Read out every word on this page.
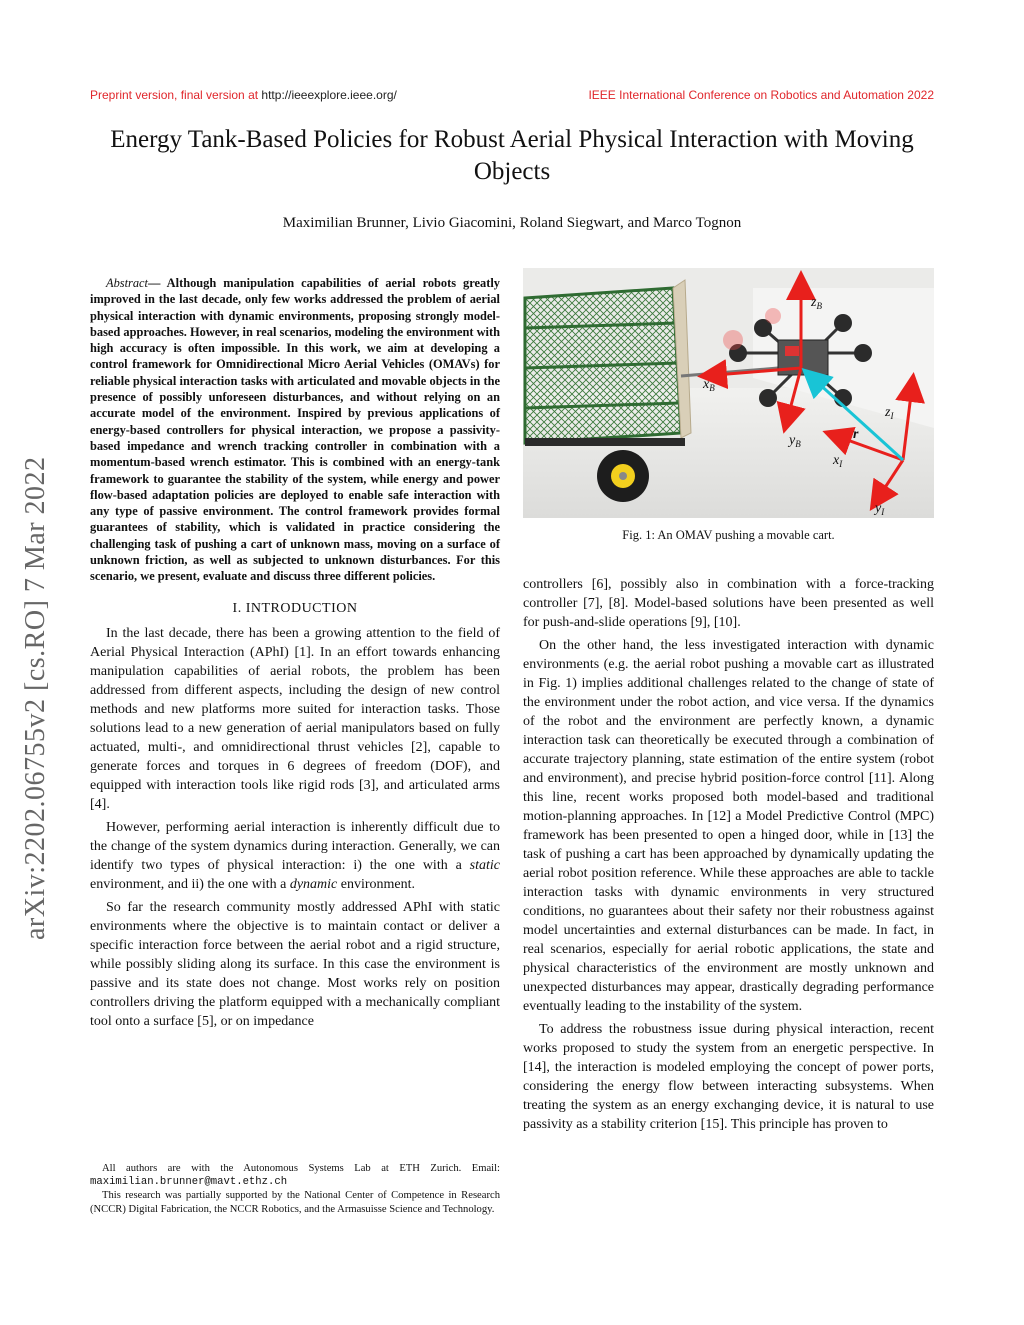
Preprint version, final version at http://ieeexplore.ieee.org/	IEEE International Conference on Robotics and Automation 2022
arXiv:2202.06755v2 [cs.RO] 7 Mar 2022
Energy Tank-Based Policies for Robust Aerial Physical Interaction with Moving Objects
Maximilian Brunner, Livio Giacomini, Roland Siegwart, and Marco Tognon
Abstract— Although manipulation capabilities of aerial robots greatly improved in the last decade, only few works addressed the problem of aerial physical interaction with dynamic environments, proposing strongly model-based approaches. However, in real scenarios, modeling the environment with high accuracy is often impossible. In this work, we aim at developing a control framework for Omnidirectional Micro Aerial Vehicles (OMAVs) for reliable physical interaction tasks with articulated and movable objects in the presence of possibly unforeseen disturbances, and without relying on an accurate model of the environment. Inspired by previous applications of energy-based controllers for physical interaction, we propose a passivity-based impedance and wrench tracking controller in combination with a momentum-based wrench estimator. This is combined with an energy-tank framework to guarantee the stability of the system, while energy and power flow-based adaptation policies are deployed to enable safe interaction with any type of passive environment. The control framework provides formal guarantees of stability, which is validated in practice considering the challenging task of pushing a cart of unknown mass, moving on a surface of unknown friction, as well as subjected to unknown disturbances. For this scenario, we present, evaluate and discuss three different policies.
I. INTRODUCTION

In the last decade, there has been a growing attention to the field of Aerial Physical Interaction (APhI) [1]. In an effort towards enhancing manipulation capabilities of aerial robots, the problem has been addressed from different aspects, including the design of new control methods and new platforms more suited for interaction tasks. Those solutions lead to a new generation of aerial manipulators based on fully actuated, multi-, and omnidirectional thrust vehicles [2], capable to generate forces and torques in 6 degrees of freedom (DOF), and equipped with interaction tools like rigid rods [3], and articulated arms [4].

However, performing aerial interaction is inherently difficult due to the change of the system dynamics during interaction. Generally, we can identify two types of physical interaction: i) the one with a static environment, and ii) the one with a dynamic environment.

So far the research community mostly addressed APhI with static environments where the objective is to maintain contact or deliver a specific interaction force between the aerial robot and a rigid structure, while possibly sliding along its surface. In this case the environment is passive and its state does not change. Most works rely on position controllers driving the platform equipped with a mechanically compliant tool onto a surface [5], or on impedance

All authors are with the Autonomous Systems Lab at ETH Zurich. Email: maximilian.brunner@mavt.ethz.ch

This research was partially supported by the National Center of Competence in Research (NCCR) Digital Fabrication, the NCCR Robotics, and the Armasuisse Science and Technology.

$z_B$
$x_B$
$y_B$
r
$z_I$
$x_I$
$y_I$
Fig. 1: An OMAV pushing a movable cart.

controllers [6], possibly also in combination with a force-tracking controller [7], [8]. Model-based solutions have been presented as well for push-and-slide operations [9], [10].

On the other hand, the less investigated interaction with dynamic environments (e.g. the aerial robot pushing a movable cart as illustrated in Fig. 1) implies additional challenges related to the change of state of the environment under the robot action, and vice versa. If the dynamics of the robot and the environment are perfectly known, a dynamic interaction task can theoretically be executed through a combination of accurate trajectory planning, state estimation of the entire system (robot and environment), and precise hybrid position-force control [11]. Along this line, recent works proposed both model-based and traditional motion-planning approaches. In [12] a Model Predictive Control (MPC) framework has been presented to open a hinged door, while in [13] the task of pushing a cart has been approached by dynamically updating the aerial robot position reference. While these approaches are able to tackle interaction tasks with dynamic environments in very structured conditions, no guarantees about their safety nor their robustness against model uncertainties and external disturbances can be made. In fact, in real scenarios, especially for aerial robotic applications, the state and physical characteristics of the environment are mostly unknown and unexpected disturbances may appear, drastically degrading performance eventually leading to the instability of the system.

To address the robustness issue during physical interaction, recent works proposed to study the system from an energetic perspective. In [14], the interaction is modeled employing the concept of power ports, considering the energy flow between interacting subsystems. When treating the system as an energy exchanging device, it is natural to use passivity as a stability criterion [15]. This principle has proven to
